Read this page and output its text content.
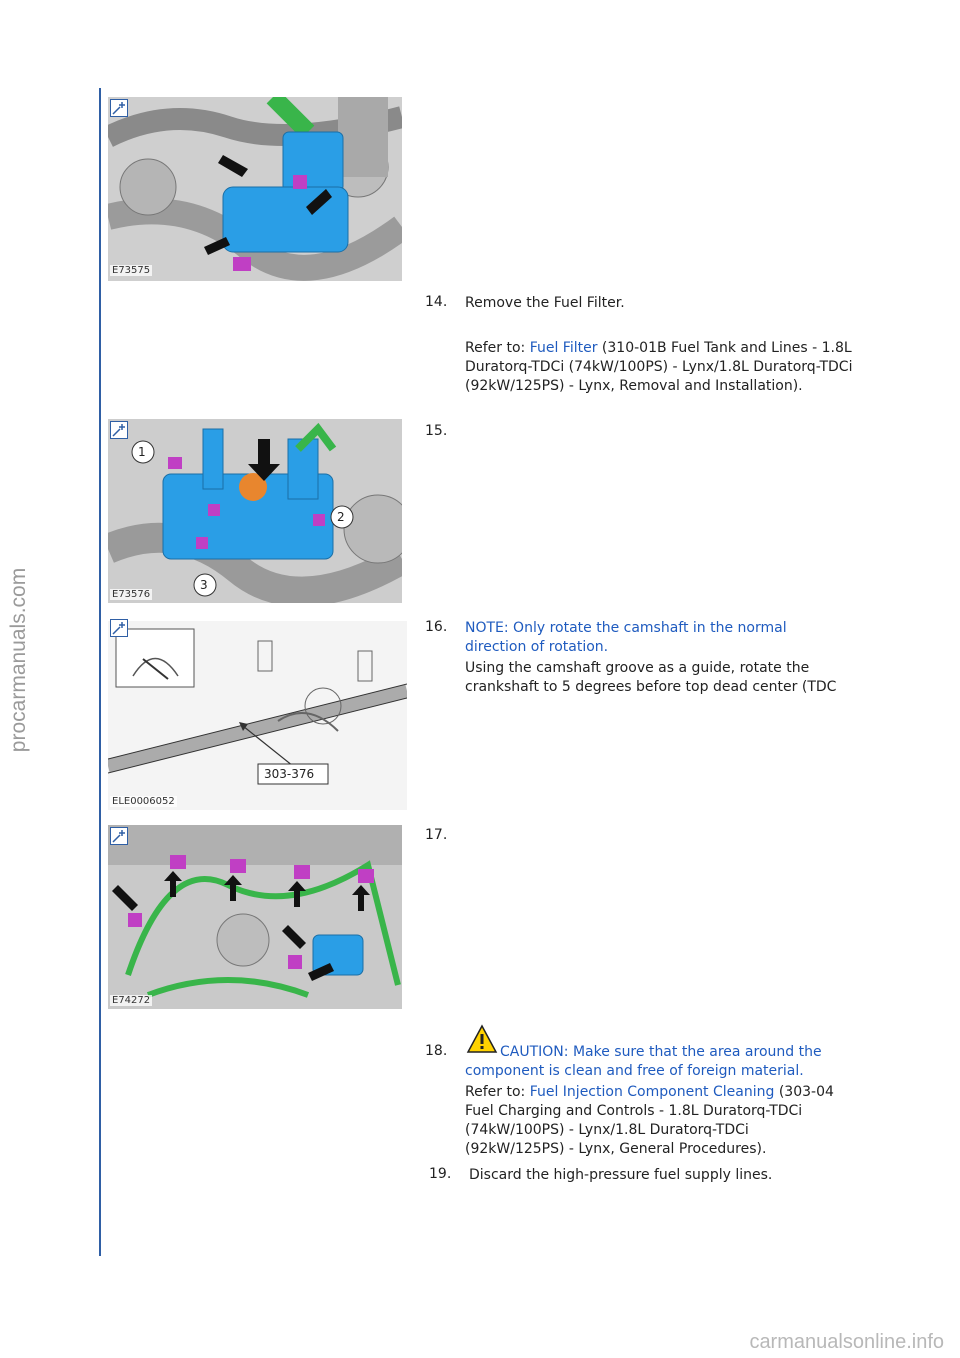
procarmanuals.com
E73575
14. Remove the Fuel Filter.
Refer to: Fuel Filter (310-01B Fuel Tank and Lines - 1.8L Duratorq-TDCi (74kW/100PS) - Lynx/1.8L Duratorq-TDCi (92kW/125PS) - Lynx, Removal and Installation).
1
2
3
E73576
15.
303-376
ELE0006052
16. NOTE: Only rotate the camshaft in the normal
direction of rotation.
Using the camshaft groove as a guide, rotate the
crankshaft to 5 degrees before top dead center (TDC
E74272
17.
18.	CAUTION: Make sure that the area around the
component is clean and free of foreign material.
Refer to: Fuel Injection Component Cleaning (303-04
Fuel Charging and Controls - 1.8L Duratorq-TDCi
(74kW/100PS) - Lynx/1.8L Duratorq-TDCi
(92kW/125PS) - Lynx, General Procedures).
19. Discard the high-pressure fuel supply lines.
carmanualsonline.info
